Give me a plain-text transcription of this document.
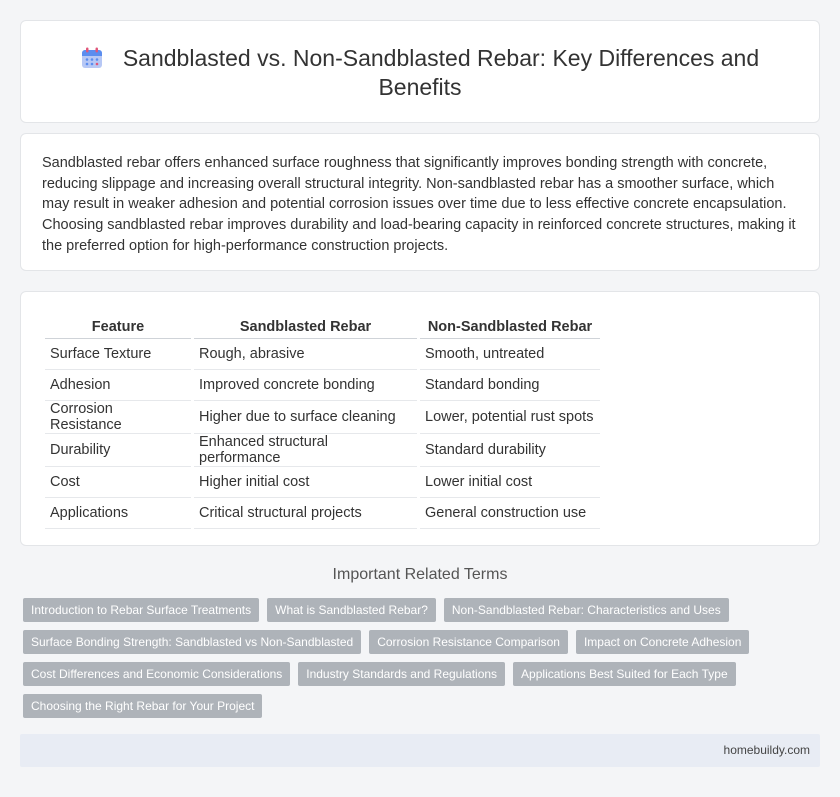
Sandblasted vs. Non-Sandblasted Rebar: Key Differences and Benefits

Sandblasted rebar offers enhanced surface roughness that significantly improves bonding strength with concrete, reducing slippage and increasing overall structural integrity. Non-sandblasted rebar has a smoother surface, which may result in weaker adhesion and potential corrosion issues over time due to less effective concrete encapsulation. Choosing sandblasted rebar improves durability and load-bearing capacity in reinforced concrete structures, making it the preferred option for high-performance construction projects.

Feature	Sandblasted Rebar	Non-Sandblasted Rebar
Surface Texture	Rough, abrasive	Smooth, untreated
Adhesion	Improved concrete bonding	Standard bonding
Corrosion Resistance	Higher due to surface cleaning	Lower, potential rust spots
Durability	Enhanced structural performance	Standard durability
Cost	Higher initial cost	Lower initial cost
Applications	Critical structural projects	General construction use
Important Related Terms
Introduction to Rebar Surface Treatments	What is Sandblasted Rebar?	Non-Sandblasted Rebar: Characteristics and Uses
Surface Bonding Strength: Sandblasted vs Non-Sandblasted	Corrosion Resistance Comparison	Impact on Concrete Adhesion
Cost Differences and Economic Considerations	Industry Standards and Regulations	Applications Best Suited for Each Type
Choosing the Right Rebar for Your Project
homebuildy.com
